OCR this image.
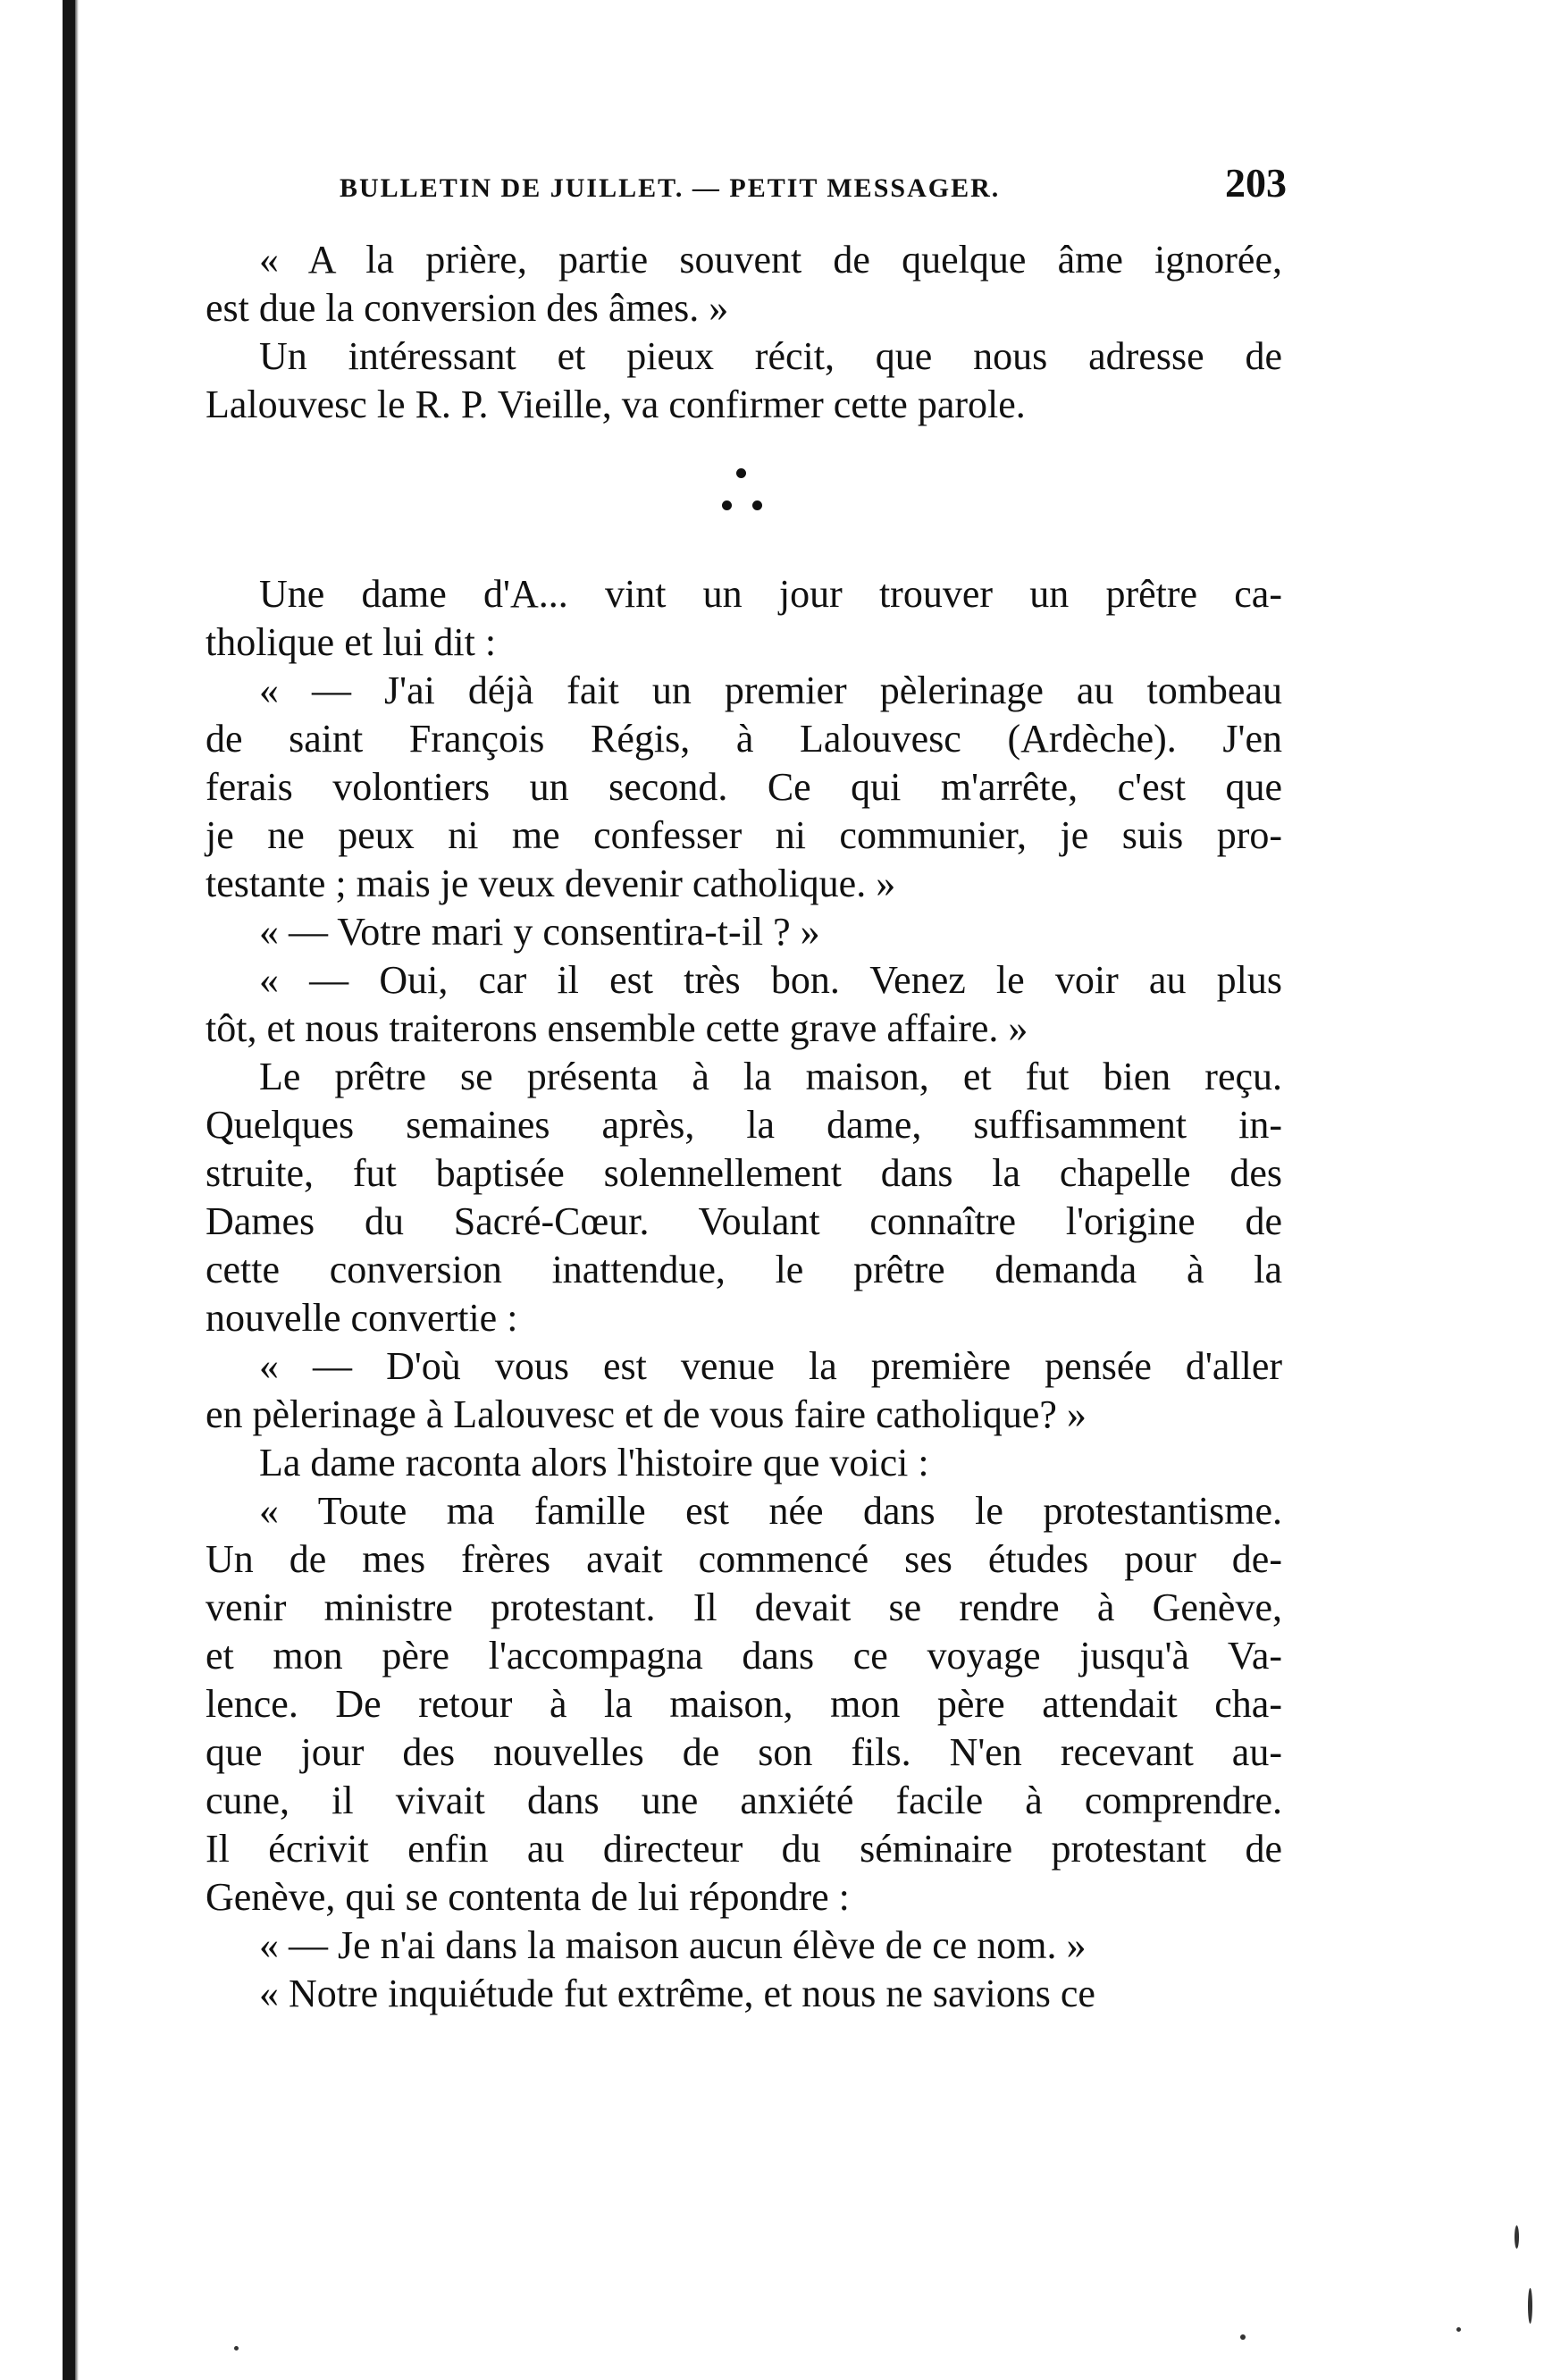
BULLETIN DE JUILLET. — PETIT MESSAGER.	203
« A la prière, partie souvent de quelque âme ignorée,
est due la conversion des âmes. »
Un intéressant et pieux récit, que nous adresse de
Lalouvesc le R. P. Vieille, va confirmer cette parole.
Une dame d'A... vint un jour trouver un prêtre ca-
tholique et lui dit :
« — J'ai déjà fait un premier pèlerinage au tombeau
de saint François Régis, à Lalouvesc (Ardèche). J'en
ferais volontiers un second. Ce qui m'arrête, c'est que
je ne peux ni me confesser ni communier, je suis pro-
testante ; mais je veux devenir catholique. »
« — Votre mari y consentira-t-il ? »
« — Oui, car il est très bon. Venez le voir au plus
tôt, et nous traiterons ensemble cette grave affaire. »
Le prêtre se présenta à la maison, et fut bien reçu.
Quelques semaines après, la dame, suffisamment in-
struite, fut baptisée solennellement dans la chapelle des
Dames du Sacré-Cœur. Voulant connaître l'origine de
cette conversion inattendue, le prêtre demanda à la
nouvelle convertie :
« — D'où vous est venue la première pensée d'aller
en pèlerinage à Lalouvesc et de vous faire catholique? »
La dame raconta alors l'histoire que voici :
« Toute ma famille est née dans le protestantisme.
Un de mes frères avait commencé ses études pour de-
venir ministre protestant. Il devait se rendre à Genève,
et mon père l'accompagna dans ce voyage jusqu'à Va-
lence. De retour à la maison, mon père attendait cha-
que jour des nouvelles de son fils. N'en recevant au-
cune, il vivait dans une anxiété facile à comprendre.
Il écrivit enfin au directeur du séminaire protestant de
Genève, qui se contenta de lui répondre :
« — Je n'ai dans la maison aucun élève de ce nom. »
« Notre inquiétude fut extrême, et nous ne savions ce
